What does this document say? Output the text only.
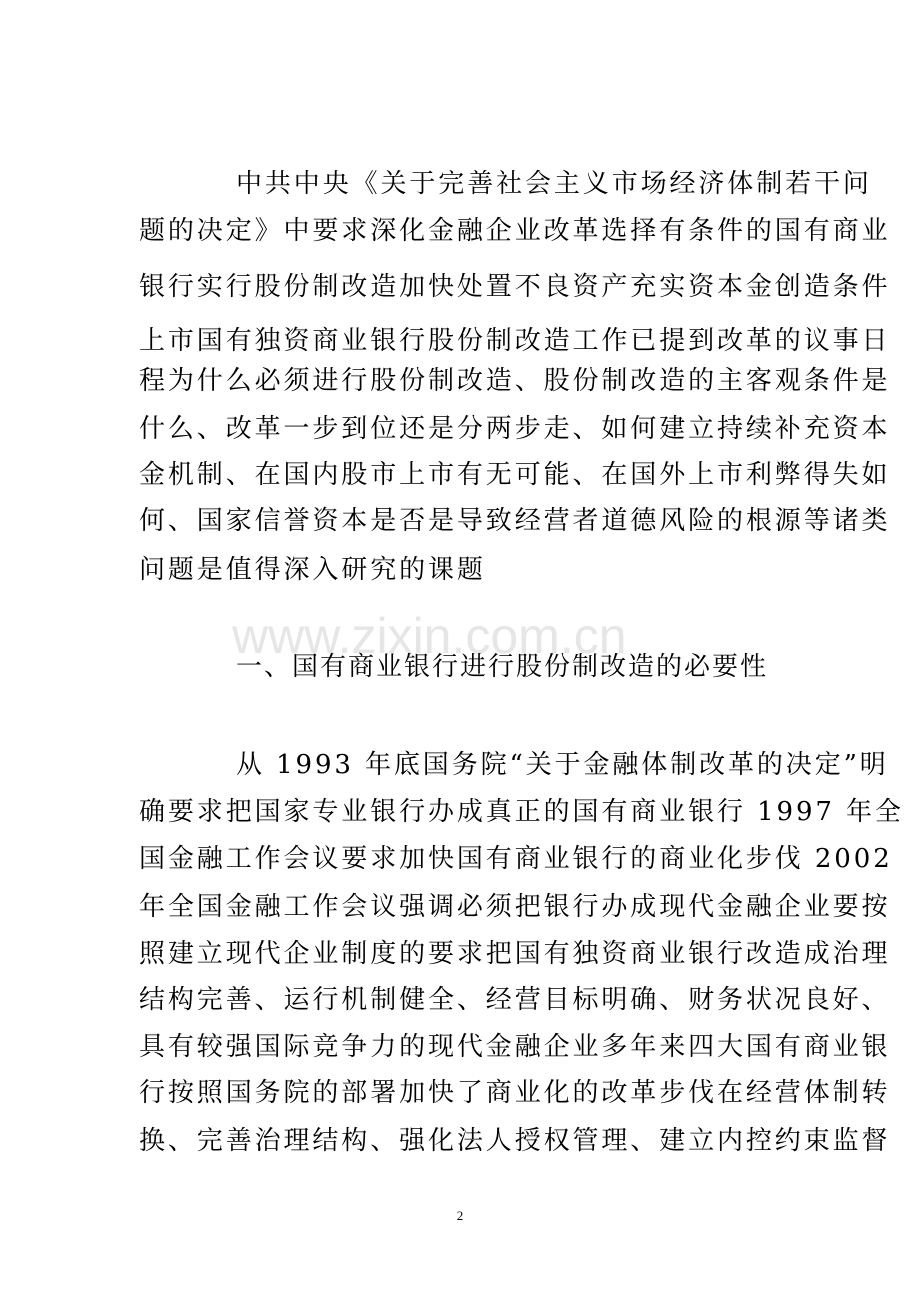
www.zixin.com.cn
中共中央《关于完善社会主义市场经济体制若干问
题的决定》中要求深化金融企业改革选择有条件的国有商业
银行实行股份制改造加快处置不良资产充实资本金创造条件
上市国有独资商业银行股份制改造工作已提到改革的议事日
程为什么必须进行股份制改造、股份制改造的主客观条件是
什么、改革一步到位还是分两步走、如何建立持续补充资本
金机制、在国内股市上市有无可能、在国外上市利弊得失如
何、国家信誉资本是否是导致经营者道德风险的根源等诸类
问题是值得深入研究的课题
一、国有商业银行进行股份制改造的必要性
从 1993 年底国务院“关于金融体制改革的决定”明
确要求把国家专业银行办成真正的国有商业银行 1997 年全
国金融工作会议要求加快国有商业银行的商业化步伐 2002
年全国金融工作会议强调必须把银行办成现代金融企业要按
照建立现代企业制度的要求把国有独资商业银行改造成治理
结构完善、运行机制健全、经营目标明确、财务状况良好、
具有较强国际竞争力的现代金融企业多年来四大国有商业银
行按照国务院的部署加快了商业化的改革步伐在经营体制转
换、完善治理结构、强化法人授权管理、建立内控约束监督
2
